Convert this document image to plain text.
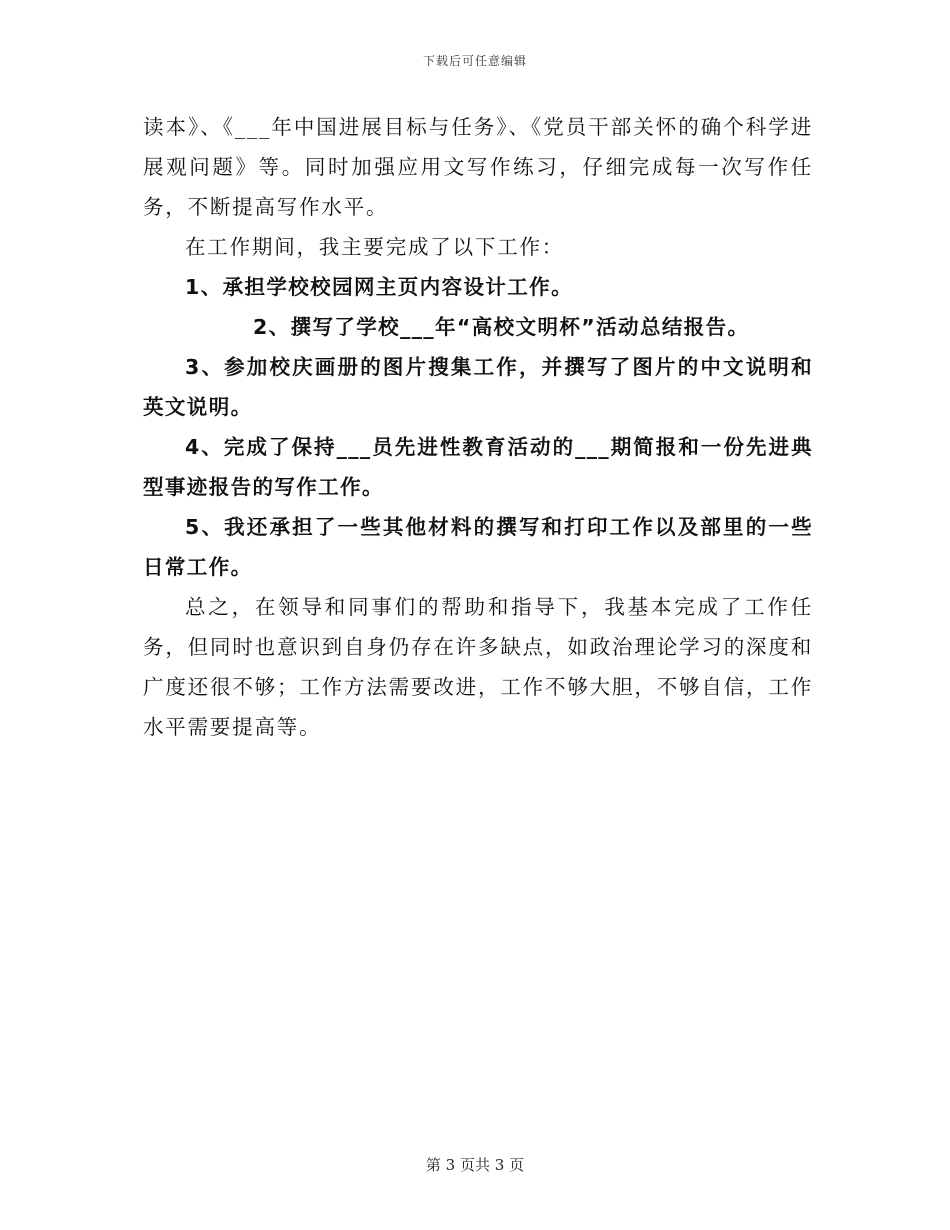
下载后可任意编辑

读本》、《___年中国进展目标与任务》、《党员干部关怀的确个科学进展观问题》等。同时加强应用文写作练习，仔细完成每一次写作任务，不断提高写作水平。

在工作期间，我主要完成了以下工作：

1、承担学校校园网主页内容设计工作。

2、撰写了学校___年“高校文明杯”活动总结报告。

3、参加校庆画册的图片搜集工作，并撰写了图片的中文说明和英文说明。

4、完成了保持___员先进性教育活动的___期简报和一份先进典型事迹报告的写作工作。

5、我还承担了一些其他材料的撰写和打印工作以及部里的一些日常工作。

总之，在领导和同事们的帮助和指导下，我基本完成了工作任务，但同时也意识到自身仍存在许多缺点，如政治理论学习的深度和广度还很不够；工作方法需要改进，工作不够大胆，不够自信，工作水平需要提高等。

第 3 页共 3 页
